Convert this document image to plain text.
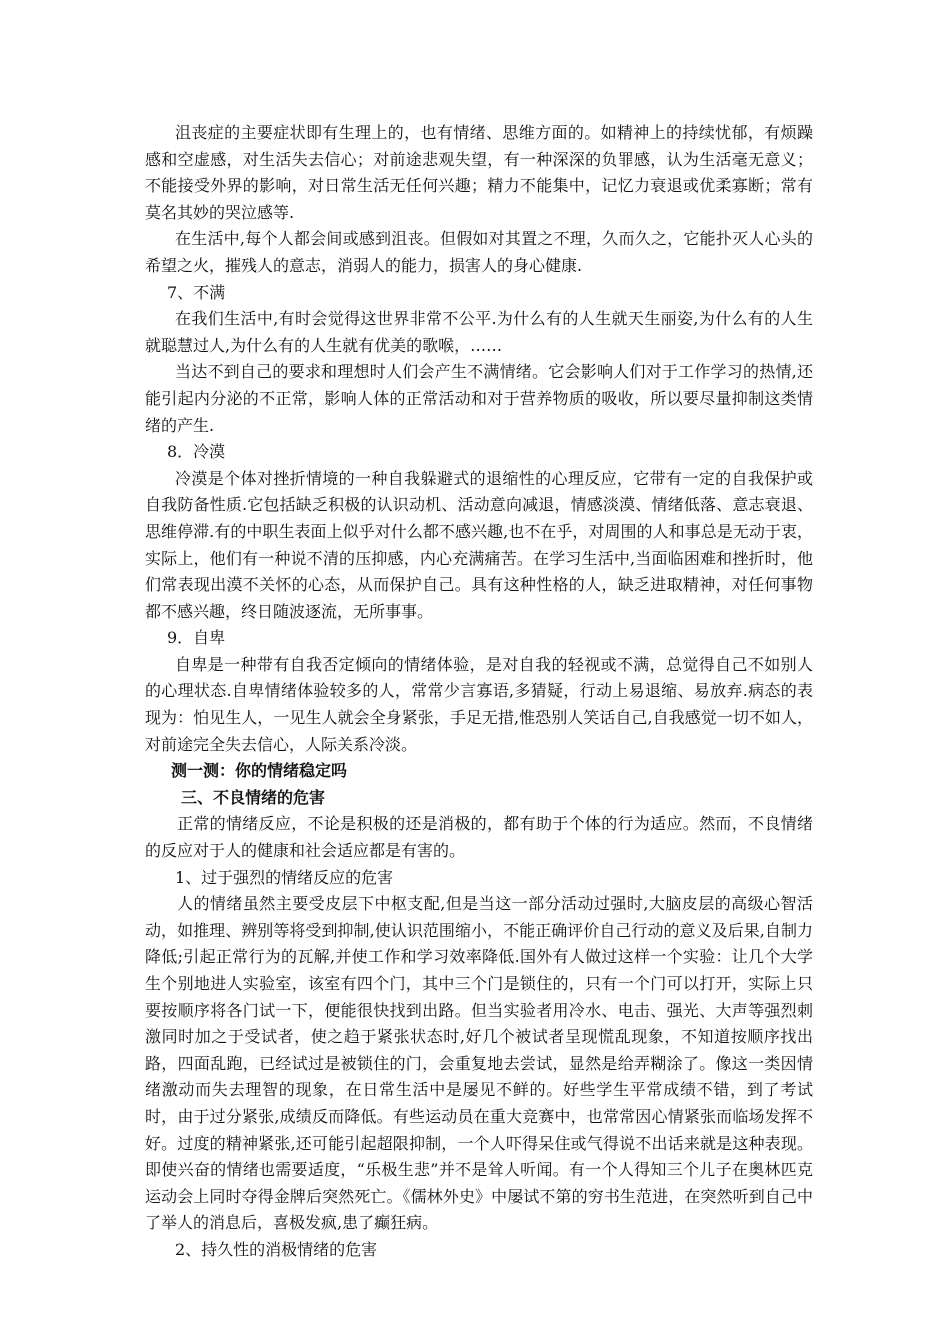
沮丧症的主要症状即有生理上的，也有情绪、思维方面的。如精神上的持续忧郁，有烦躁感和空虚感，对生活失去信心；对前途悲观失望，有一种深深的负罪感，认为生活毫无意义；不能接受外界的影响，对日常生活无任何兴趣；精力不能集中，记忆力衰退或优柔寡断；常有莫名其妙的哭泣感等.

在生活中,每个人都会间或感到沮丧。但假如对其置之不理，久而久之，它能扑灭人心头的希望之火，摧残人的意志，消弱人的能力，损害人的身心健康.

7、不满

在我们生活中,有时会觉得这世界非常不公平.为什么有的人生就天生丽姿,为什么有的人生就聪慧过人,为什么有的人生就有优美的歌喉，……

当达不到自己的要求和理想时人们会产生不满情绪。它会影响人们对于工作学习的热情,还能引起内分泌的不正常，影响人体的正常活动和对于营养物质的吸收，所以要尽量抑制这类情绪的产生.

8．冷漠

冷漠是个体对挫折情境的一种自我躲避式的退缩性的心理反应，它带有一定的自我保护或自我防备性质.它包括缺乏积极的认识动机、活动意向减退，情感淡漠、情绪低落、意志衰退、思维停滞.有的中职生表面上似乎对什么都不感兴趣,也不在乎，对周围的人和事总是无动于衷，实际上，他们有一种说不清的压抑感，内心充满痛苦。在学习生活中,当面临困难和挫折时，他们常表现出漠不关怀的心态，从而保护自己。具有这种性格的人，缺乏进取精神，对任何事物都不感兴趣，终日随波逐流，无所事事。

9．自卑

自卑是一种带有自我否定倾向的情绪体验，是对自我的轻视或不满，总觉得自己不如别人的心理状态.自卑情绪体验较多的人，常常少言寡语,多猜疑，行动上易退缩、易放弃.病态的表现为：怕见生人，一见生人就会全身紧张，手足无措,惟恐别人笑话自己,自我感觉一切不如人，对前途完全失去信心，人际关系冷淡。

测一测：你的情绪稳定吗

三、不良情绪的危害

正常的情绪反应，不论是积极的还是消极的，都有助于个体的行为适应。然而，不良情绪的反应对于人的健康和社会适应都是有害的。

1、过于强烈的情绪反应的危害

人的情绪虽然主要受皮层下中枢支配,但是当这一部分活动过强时,大脑皮层的高级心智活动，如推理、辨别等将受到抑制,使认识范围缩小，不能正确评价自己行动的意义及后果,自制力降低;引起正常行为的瓦解,并使工作和学习效率降低.国外有人做过这样一个实验：让几个大学生个别地进人实验室，该室有四个门，其中三个门是锁住的，只有一个门可以打开，实际上只要按顺序将各门试一下，便能很快找到出路。但当实验者用冷水、电击、强光、大声等强烈刺激同时加之于受试者，使之趋于紧张状态时,好几个被试者呈现慌乱现象，不知道按顺序找出路，四面乱跑，已经试过是被锁住的门，会重复地去尝试，显然是给弄糊涂了。像这一类因情绪激动而失去理智的现象，在日常生活中是屡见不鲜的。好些学生平常成绩不错，到了考试时，由于过分紧张,成绩反而降低。有些运动员在重大竞赛中，也常常因心情紧张而临场发挥不好。过度的精神紧张,还可能引起超限抑制，一个人吓得呆住或气得说不出话来就是这种表现。即使兴奋的情绪也需要适度，“乐极生悲”并不是耸人听闻。有一个人得知三个儿子在奥林匹克运动会上同时夺得金牌后突然死亡。《儒林外史》中屡试不第的穷书生范进，在突然听到自己中了举人的消息后，喜极发疯,患了癫狂病。

2、持久性的消极情绪的危害
